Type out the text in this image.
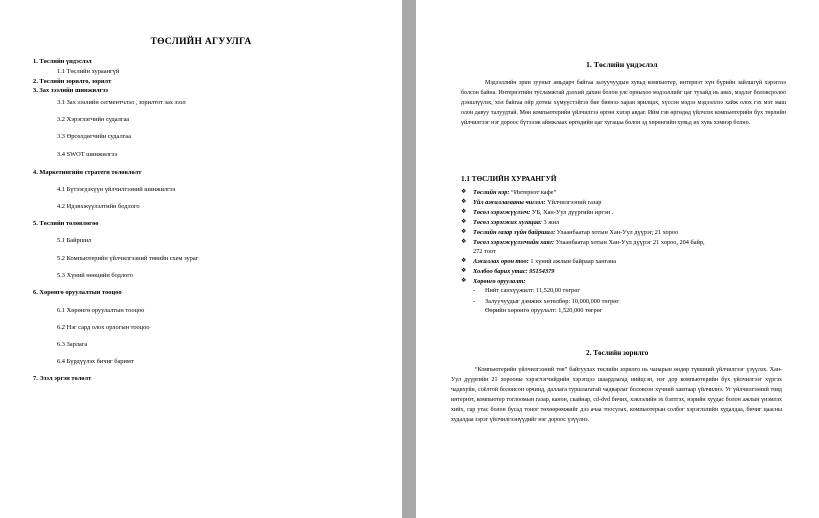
ТӨСЛИЙН АГУУЛГА
1. Төслийн үндэслэл
1.1 Төслийн хураангүй
2. Төслийн зорилго, зорилт
3. Зах зээлийн шинжилгээ
3.1 Зах зээлийн сегментчлэл , зорилтот зах зээл
3.2 Хэрэглэгчийн судалгаа
3.3 Өрсөлдөгчийн судалгаа
3.4 SWOT шинжилгээ
4. Маркетингийн стратеги төлөвлөлт
4.1 Бүтээгдэхүүн үйлчилгээний шинжилгээ
4.2 Идэвхжүүлэлтийн бодлого
5. Төслийн төлөвлөгөө
5.1 Байршил
5.2 Компьютерийн үйлчилгээний төвийн схем зураг
5.3 Хүний нөөцийн бодлого
6. Хөрөнгө оруулалтын тооцоо
6.1 Хөрөнгө оруулалтын тооцоо
6.2 Нэг сард олох орлогын тооцоо
6.3 Зарлага
6.4 Бүрдүүлэх бичиг баримт
7. Эзэл эргэн төлөлт
1. Төслийн үндэслэл
Мэдээллийн эрин зууныг амьдарч байгаа залуучуудын хувьд компьютер, интернэт хүн бүрийн зайлшгүй хэрэглээ болсон байна. Интернэтийн тусламжтай дэлхий дахин болон улс орныхоо мэдээллийг цаг тухайд нь авах, мэдлэг боловсролоо дээшлүүлэх, хол байгаа ойр дотны хүмүүстэйгээ бие биенээ харан ярилцах, хүссэн мэдээ мэдээллээ хайж олох гэх мэт маш олон давуу талуудтай. Мөн компьютерийн үйлчилгээ өргөн хэлэр авдаг. Ийм гэв өргөдөд үйлчлэх компьютерийн бүх төрлийн үйлчилгээг нэг дороос бүтэээж аймжлаах өргөдийн цаг хугацаа болон эд хөрөнгийн хувьд их хувь хэмнэр болно.
1.1 ТӨСЛИЙН ХУРААНГУЙ
❖ Төслийн нэр: “Интернэт кафе”
❖ Үйл ажиллагааны чиглэл: Үйлчилгээний газар
❖ Төсөл хэрэгжүүлэгч: УБ, Хан-Уул дүүргийн иргэн .
❖ Төсөл хэрэгжих хугацаа: 3 жил
❖ Төслийн газар зүйн байршил: Улаанбаатар хотын Хан-Уул дүүрэг, 21 хороо
❖ Төсөл хэрэгжүүлэгчийн хаяг: Улаанбаатар хотын Хан-Уул дүүрэг 21 хороо, 204 байр,
272 тоот
❖ Ажиллах орон тоо: 1 хүний ажлын байраар хангана
❖ Холбоо барих утас: 95154379
❖ Хөрөнгө оруулалт:
- Нийт санхүүжилт: 11,520,00 төгрөг
- Залуучуудыг дэмжих хөтөлбөр: 10,000,000 төгрөг
Өөрийн хөрөнгө оруулалт: 1,520,000 төгрөг
2. Төслийн зорилго
“Компьютерийн үйлчилгээний төв” байгуулах төслийн зорилго нь чанарын өндөр түвшний үйлчилгээг үзүүлэх. Хан-Уул дүүргийн 21 хорооны хэрэглэгчийдийн хэрэгцээ шаардлагад нийцсэн, нэг дор компьютерийн бүх үйлчилгээг хүргэх чадвхуйн, соёлтой болонсон орчинд, даллага туршлагатай чадварлаг боловсон хүчний хамтаар үйлчилнэ. Уг үйлчилгээний төвд интернэт, компьютер тоглоомын газар, канон, скайнар, cd-dvd бичих, хэвлэлийн эх бэлтгэх, нэрийн хуудас болон ажлын үнэмлэх хийх, гар утас болон бусад тоног төхөөрөмжийг дээ ачаа тоосулах, компьютерын солбог хэрэглэлийн худалдаа, бичиг цаасны худалдаа зэрэг үйлчилгээнүүдийг нэг дороос үзүүлнэ.
